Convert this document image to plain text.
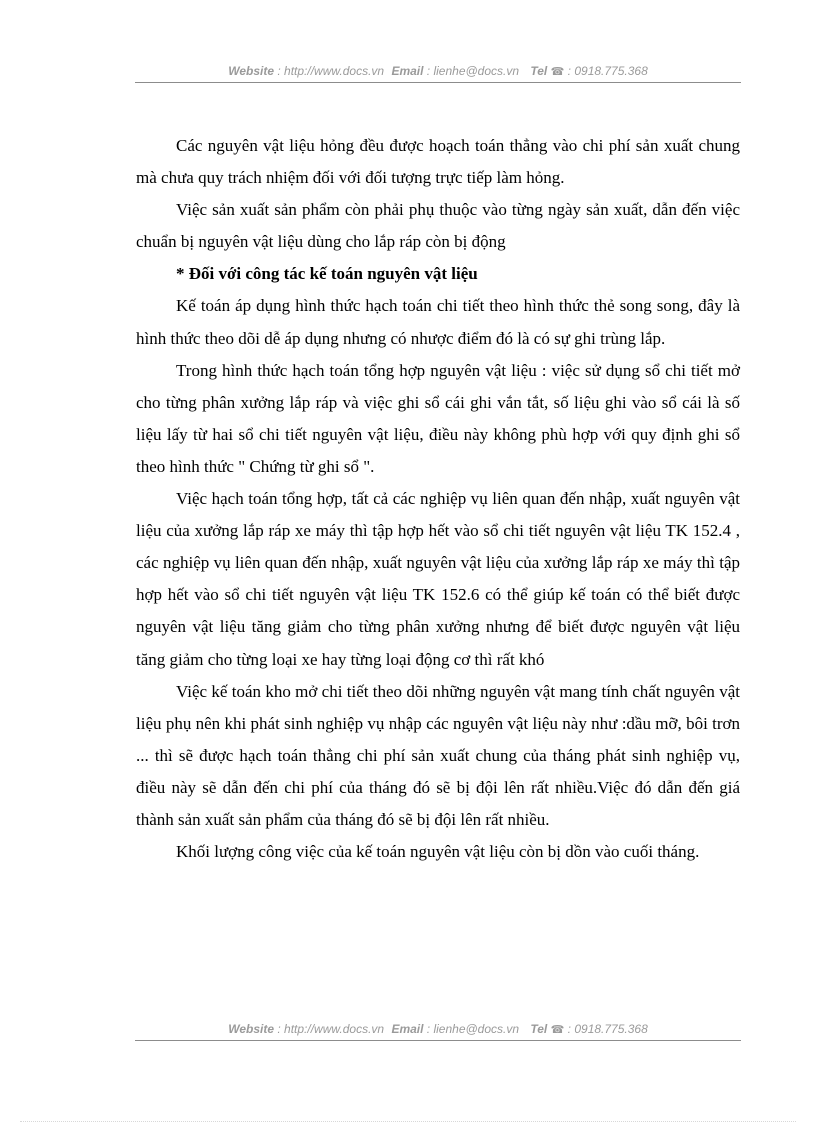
Website : http://www.docs.vn Email : lienhe@docs.vn Tel ☎ : 0918.775.368

Các nguyên vật liệu hỏng đều được hoạch toán thẳng vào chi phí sản xuất chung mà chưa quy trách nhiệm đối với đối tượng trực tiếp làm hỏng.

Việc sản xuất sản phẩm còn phải phụ thuộc vào từng ngày sản xuất, dẫn đến việc chuẩn bị nguyên vật liệu dùng cho lắp ráp còn bị động

* Đối với công tác kế toán nguyên vật liệu

Kế toán áp dụng hình thức hạch toán chi tiết theo hình thức thẻ song song, đây là hình thức theo dõi dễ áp dụng nhưng có nhược điểm đó là có sự ghi trùng lắp.

Trong hình thức hạch toán tổng hợp nguyên vật liệu : việc sử dụng sổ chi tiết mở cho từng phân xưởng lắp ráp và việc ghi sổ cái ghi vắn tắt, số liệu ghi vào sổ cái là số liệu lấy từ hai sổ chi tiết nguyên vật liệu, điều này không phù hợp với quy định ghi sổ theo hình thức " Chứng từ ghi sổ ".

Việc hạch toán tổng hợp, tất cả các nghiệp vụ liên quan đến nhập, xuất nguyên vật liệu của xưởng lắp ráp xe máy thì tập hợp hết vào sổ chi tiết nguyên vật liệu TK 152.4 , các nghiệp vụ liên quan đến nhập, xuất nguyên vật liệu của xưởng lắp ráp xe máy thì tập hợp hết vào sổ chi tiết nguyên vật liệu TK 152.6 có thể giúp kế toán có thể biết được nguyên vật liệu tăng giảm cho từng phân xưởng nhưng để biết được nguyên vật liệu tăng giảm cho từng loại xe hay từng loại động cơ thì rất khó

Việc kế toán kho mở chi tiết theo dõi những nguyên vật mang tính chất nguyên vật liệu phụ nên khi phát sinh nghiệp vụ nhập các nguyên vật liệu này như :dầu mỡ, bôi trơn ... thì sẽ được hạch toán thẳng chi phí sản xuất chung của tháng phát sinh nghiệp vụ, điều này sẽ dẫn đến chi phí của tháng đó sẽ bị đội lên rất nhiều.Việc đó dẫn đến giá thành sản xuất sản phẩm của tháng đó sẽ bị đội lên rất nhiều.

Khối lượng công việc của kế toán nguyên vật liệu còn bị dồn vào cuối tháng.

Website : http://www.docs.vn Email : lienhe@docs.vn Tel ☎ : 0918.775.368
